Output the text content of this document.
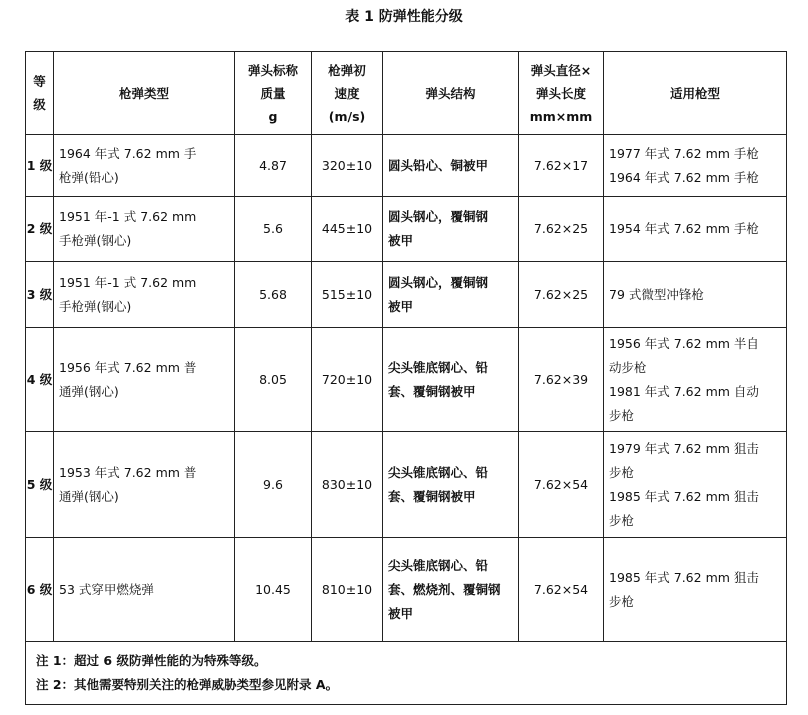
表 1 防弹性能分级
等级	枪弹类型	弹头标称
质量
g	枪弹初
速度
(m/s)	弹头结构	弹头直径×
弹头长度
mm×mm	适用枪型

1 级	1964 年式 7.62 mm 手
枪弹(铅心)	4.87	320±10	圆头铅心、铜被甲	7.62×17	1977 年式 7.62 mm 手枪
1964 年式 7.62 mm 手枪

2 级	1951 年-1 式 7.62 mm
手枪弹(钢心)	5.6	445±10	圆头钢心，覆铜钢
被甲	7.62×25	1954 年式 7.62 mm 手枪

3 级	1951 年-1 式 7.62 mm
手枪弹(钢心)	5.68	515±10	圆头钢心，覆铜钢
被甲	7.62×25	79 式微型冲锋枪

4 级	1956 年式 7.62 mm 普
通弹(钢心)	8.05	720±10	尖头锥底钢心、铅
套、覆铜钢被甲	7.62×39	1956 年式 7.62 mm 半自
动步枪
1981 年式 7.62 mm 自动
步枪

5 级	1953 年式 7.62 mm 普
通弹(钢心)	9.6	830±10	尖头锥底钢心、铅
套、覆铜钢被甲	7.62×54	1979 年式 7.62 mm 狙击
步枪
1985 年式 7.62 mm 狙击
步枪

6 级	53 式穿甲燃烧弹	10.45	810±10	尖头锥底钢心、铅
套、燃烧剂、覆铜钢
被甲	7.62×54	1985 年式 7.62 mm 狙击
步枪

注 1：超过 6 级防弹性能的为特殊等级。
注 2：其他需要特别关注的枪弹威胁类型参见附录 A。						
